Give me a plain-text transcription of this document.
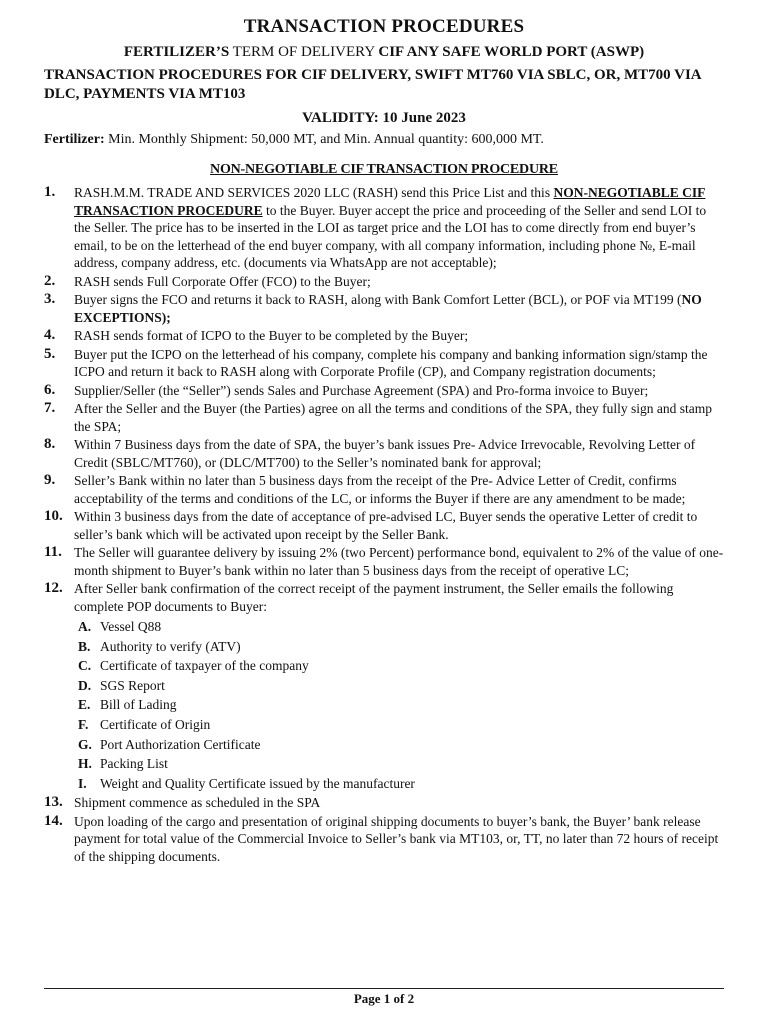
TRANSACTION PROCEDURES
FERTILIZER’S TERM OF DELIVERY CIF ANY SAFE WORLD PORT (ASWP)
TRANSACTION PROCEDURES FOR CIF DELIVERY, SWIFT MT760 VIA SBLC, OR, MT700 VIA DLC, PAYMENTS VIA MT103
VALIDITY: 10 June 2023
Fertilizer: Min. Monthly Shipment: 50,000 MT, and Min. Annual quantity: 600,000 MT.
NON-NEGOTIABLE CIF TRANSACTION PROCEDURE
1. RASH.M.M. TRADE AND SERVICES 2020 LLC (RASH) send this Price List and this NON-NEGOTIABLE CIF TRANSACTION PROCEDURE to the Buyer. Buyer accept the price and proceeding of the Seller and send LOI to the Seller. The price has to be inserted in the LOI as target price and the LOI has to come directly from end buyer’s email, to be on the letterhead of the end buyer company, with all company information, including phone №, E-mail address, company address, etc. (documents via WhatsApp are not acceptable);
2. RASH sends Full Corporate Offer (FCO) to the Buyer;
3. Buyer signs the FCO and returns it back to RASH, along with Bank Comfort Letter (BCL), or POF via MT199 (NO EXCEPTIONS);
4. RASH sends format of ICPO to the Buyer to be completed by the Buyer;
5. Buyer put the ICPO on the letterhead of his company, complete his company and banking information sign/stamp the ICPO and return it back to RASH along with Corporate Profile (CP), and Company registration documents;
6. Supplier/Seller (the “Seller”) sends Sales and Purchase Agreement (SPA) and Pro-forma invoice to Buyer;
7. After the Seller and the Buyer (the Parties) agree on all the terms and conditions of the SPA, they fully sign and stamp the SPA;
8. Within 7 Business days from the date of SPA, the buyer’s bank issues Pre- Advice Irrevocable, Revolving Letter of Credit (SBLC/MT760), or (DLC/MT700) to the Seller’s nominated bank for approval;
9. Seller’s Bank within no later than 5 business days from the receipt of the Pre- Advice Letter of Credit, confirms acceptability of the terms and conditions of the LC, or informs the Buyer if there are any amendment to be made;
10. Within 3 business days from the date of acceptance of pre-advised LC, Buyer sends the operative Letter of credit to seller’s bank which will be activated upon receipt by the Seller Bank.
11. The Seller will guarantee delivery by issuing 2% (two Percent) performance bond, equivalent to 2% of the value of one-month shipment to Buyer’s bank within no later than 5 business days from the receipt of operative LC;
12. After Seller bank confirmation of the correct receipt of the payment instrument, the Seller emails the following complete POP documents to Buyer:
A. Vessel Q88
B. Authority to verify (ATV)
C. Certificate of taxpayer of the company
D. SGS Report
E. Bill of Lading
F. Certificate of Origin
G. Port Authorization Certificate
H. Packing List
I. Weight and Quality Certificate issued by the manufacturer
13. Shipment commence as scheduled in the SPA
14. Upon loading of the cargo and presentation of original shipping documents to buyer’s bank, the Buyer’ bank release payment for total value of the Commercial Invoice to Seller’s bank via MT103, or, TT, no later than 72 hours of receipt of the shipping documents.
Page 1 of 2
